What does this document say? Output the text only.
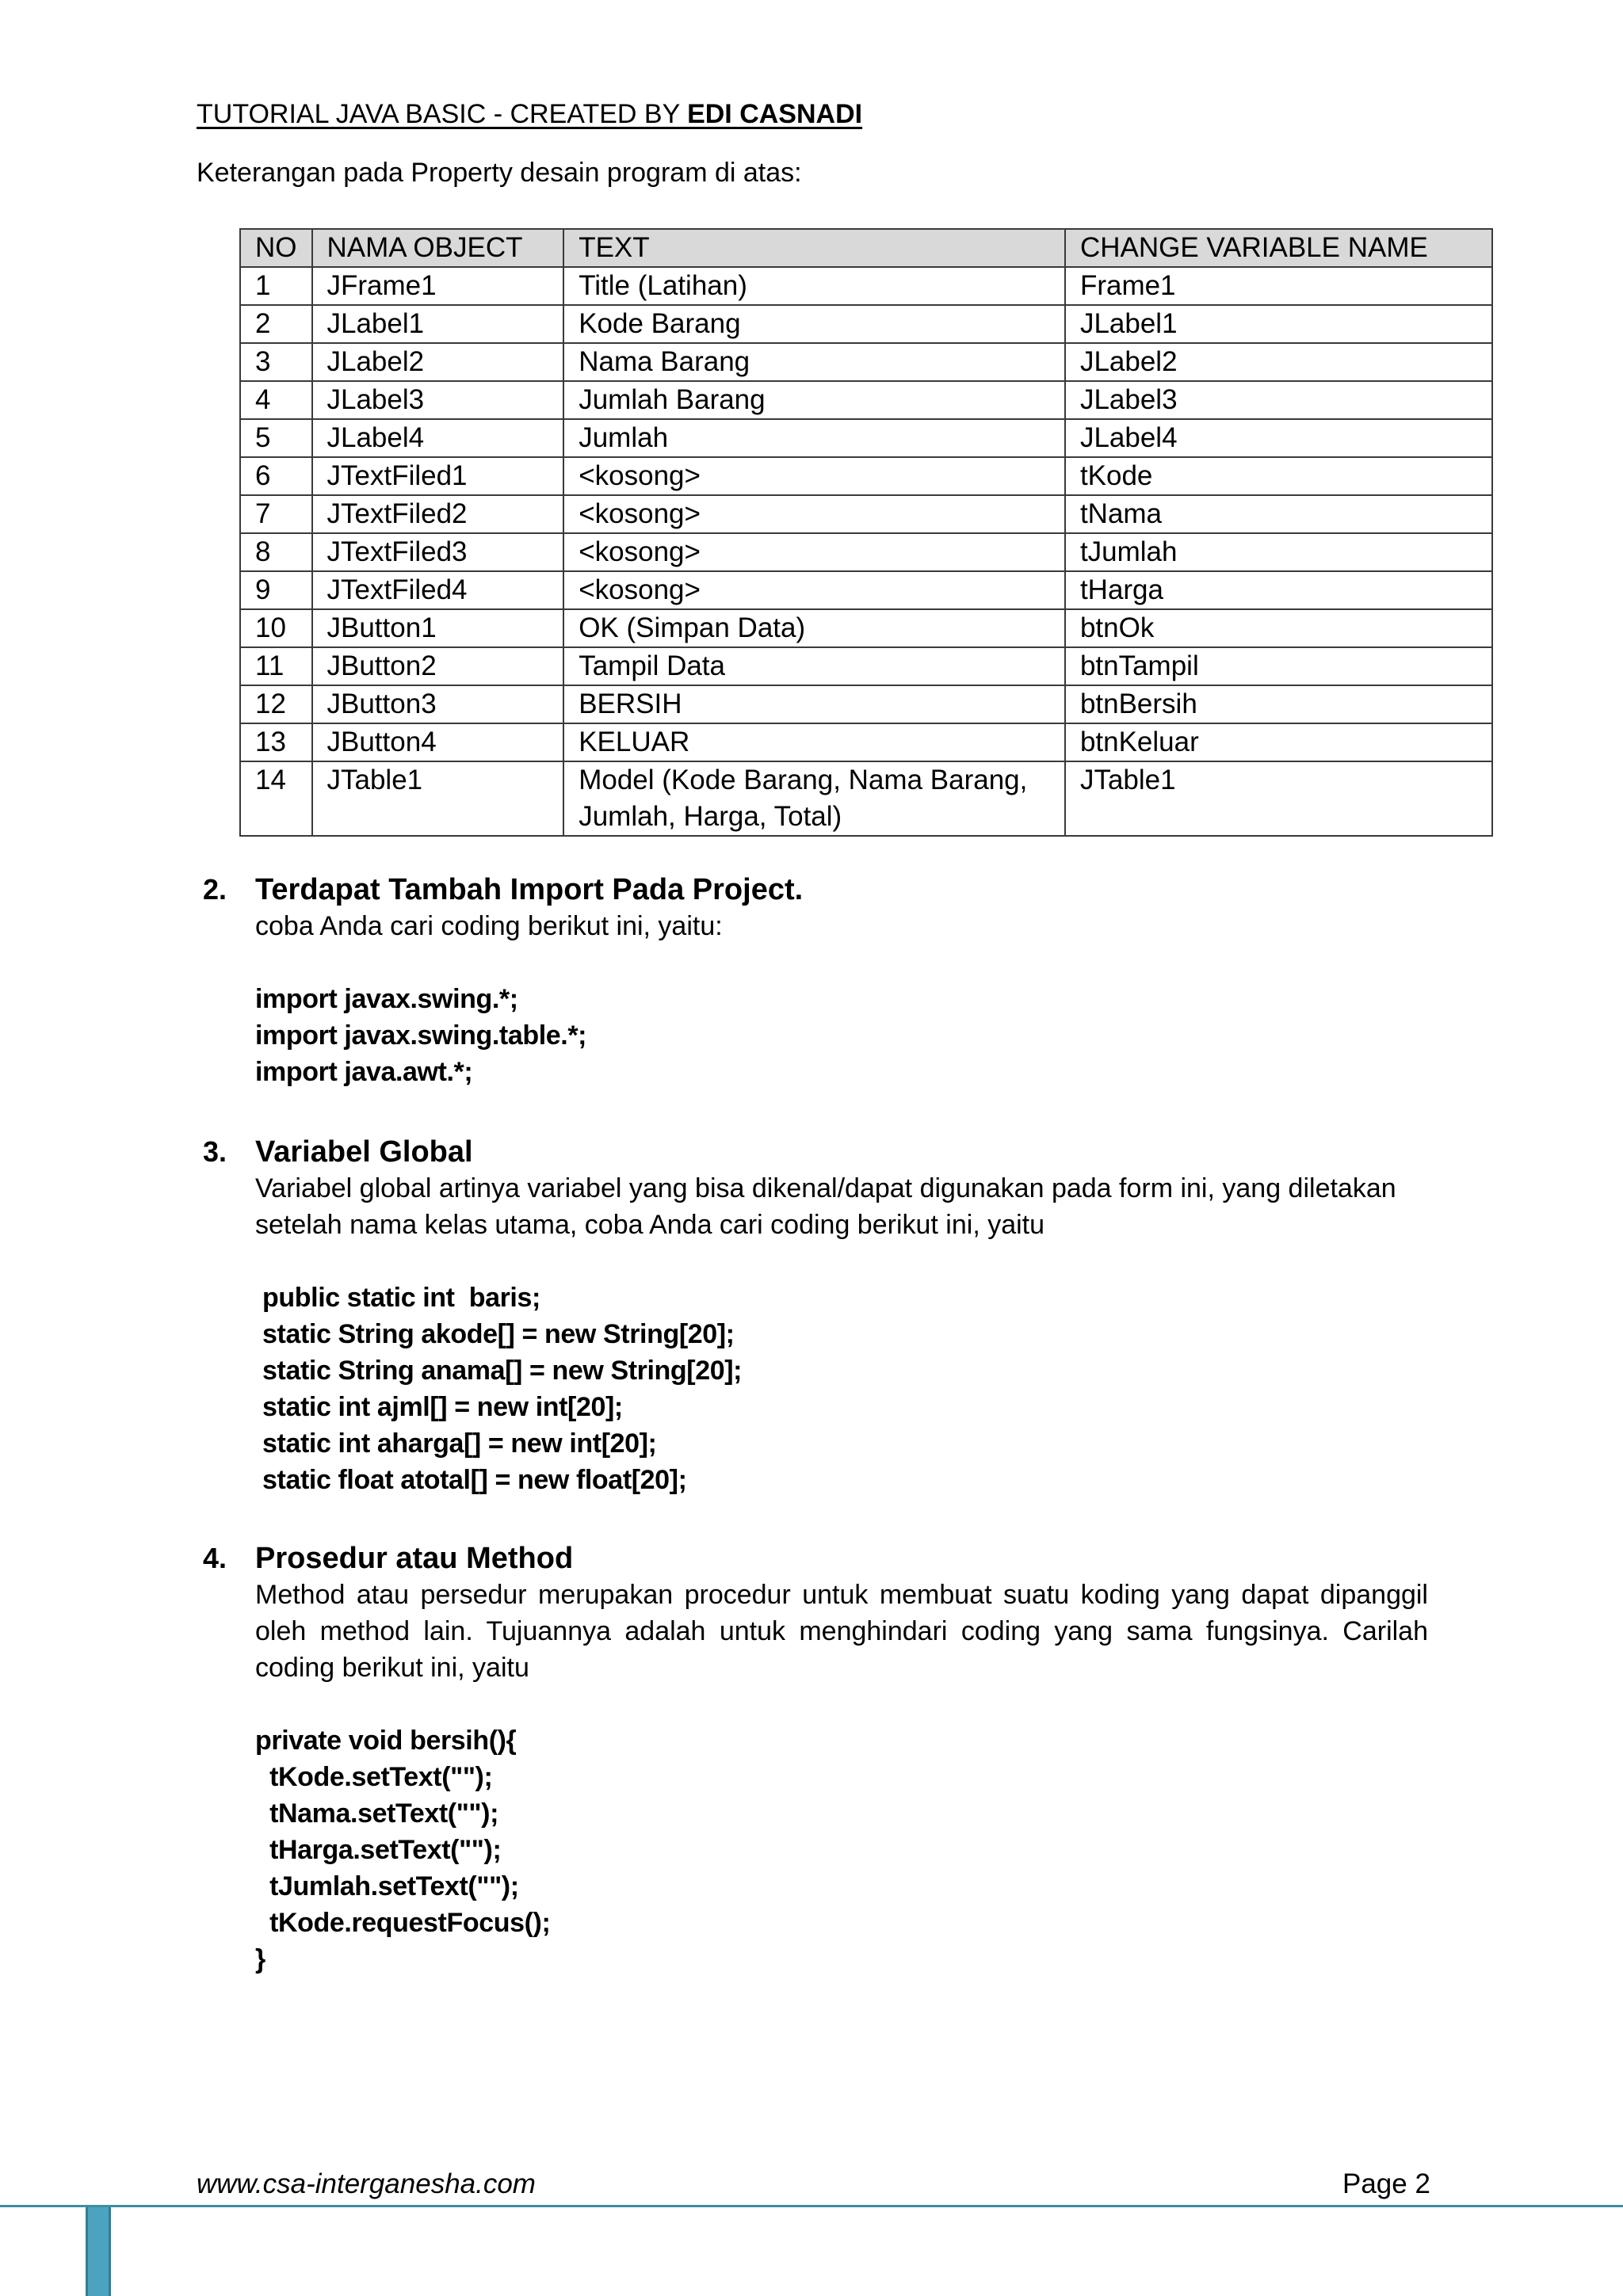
TUTORIAL JAVA BASIC - CREATED BY EDI CASNADI
Keterangan pada Property desain program di atas:
NO	NAMA OBJECT	TEXT	CHANGE VARIABLE NAME
1	JFrame1	Title (Latihan)	Frame1
2	JLabel1	Kode Barang	JLabel1
3	JLabel2	Nama Barang	JLabel2
4	JLabel3	Jumlah Barang	JLabel3
5	JLabel4	Jumlah	JLabel4
6	JTextFiled1	<kosong>	tKode
7	JTextFiled2	<kosong>	tNama
8	JTextFiled3	<kosong>	tJumlah
9	JTextFiled4	<kosong>	tHarga
10	JButton1	OK (Simpan Data)	btnOk
11	JButton2	Tampil Data	btnTampil
12	JButton3	BERSIH	btnBersih
13	JButton4	KELUAR	btnKeluar
14	JTable1	Model (Kode Barang, Nama Barang, Jumlah, Harga, Total)	JTable1
2. Terdapat Tambah Import Pada Project.
coba Anda cari coding berikut ini, yaitu:
import javax.swing.*;
import javax.swing.table.*;
import java.awt.*;
3. Variabel Global
Variabel global artinya variabel yang bisa dikenal/dapat digunakan pada form ini, yang diletakan setelah nama kelas utama, coba Anda cari coding berikut ini, yaitu
public static int  baris;
static String akode[] = new String[20];
static String anama[] = new String[20];
static int ajml[] = new int[20];
static int aharga[] = new int[20];
static float atotal[] = new float[20];
4. Prosedur atau Method
Method atau persedur merupakan procedur untuk membuat suatu koding yang dapat dipanggil oleh method lain. Tujuannya adalah untuk menghindari coding yang sama fungsinya. Carilah coding berikut ini, yaitu
private void bersih(){
tKode.setText("");
tNama.setText("");
tHarga.setText("");
tJumlah.setText("");
tKode.requestFocus();
}
www.csa-interganesha.com	Page 2
